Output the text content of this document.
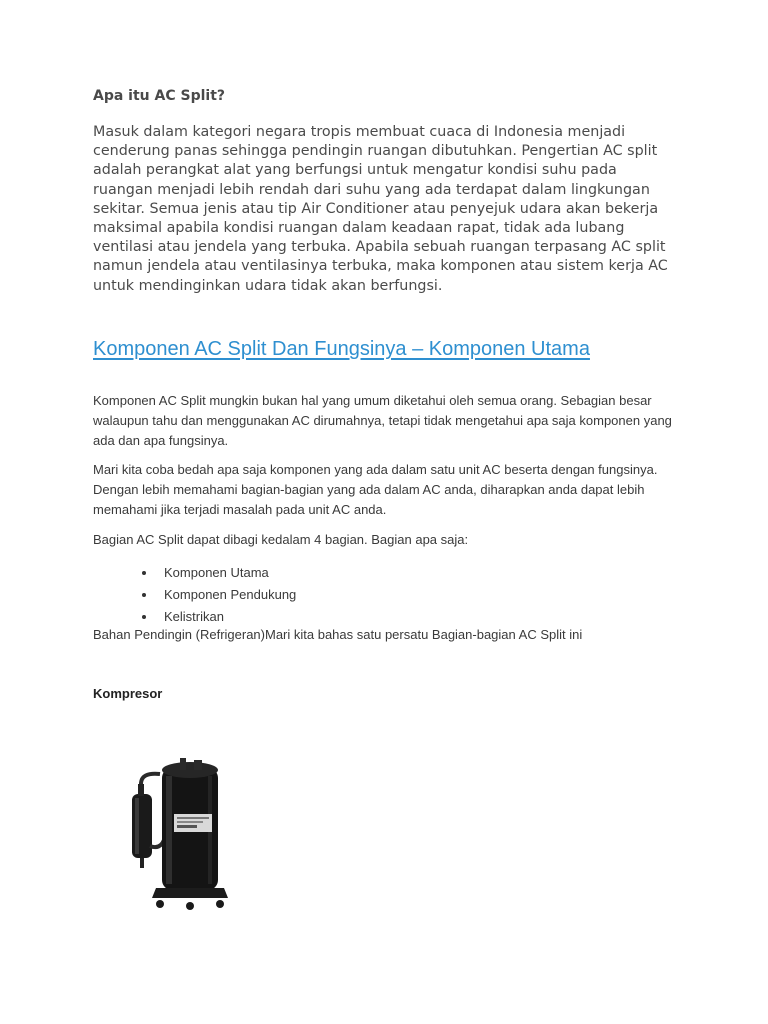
Apa itu AC Split?

Masuk dalam kategori negara tropis membuat cuaca di Indonesia menjadi cenderung panas sehingga pendingin ruangan dibutuhkan. Pengertian AC split adalah perangkat alat yang berfungsi untuk mengatur kondisi suhu pada ruangan menjadi lebih rendah dari suhu yang ada terdapat dalam lingkungan sekitar. Semua jenis atau tip Air Conditioner atau penyejuk udara akan bekerja maksimal apabila kondisi ruangan dalam keadaan rapat, tidak ada lubang ventilasi atau jendela yang terbuka. Apabila sebuah ruangan terpasang AC split namun jendela atau ventilasinya terbuka, maka komponen atau sistem kerja AC untuk mendinginkan udara tidak akan berfungsi.

Komponen AC Split Dan Fungsinya – Komponen Utama

Komponen AC Split mungkin bukan hal yang umum diketahui oleh semua orang. Sebagian besar walaupun tahu dan menggunakan AC dirumahnya, tetapi tidak mengetahui apa saja komponen yang ada dan apa fungsinya.

Mari kita coba bedah apa saja komponen yang ada dalam satu unit AC beserta dengan fungsinya. Dengan lebih memahami bagian-bagian yang ada dalam AC anda, diharapkan anda dapat lebih memahami jika terjadi masalah pada unit AC anda.

Bagian AC Split dapat dibagi kedalam 4 bagian. Bagian apa saja:

Komponen Utama
Komponen Pendukung
Kelistrikan

Bahan Pendingin (Refrigeran)Mari kita bahas satu persatu Bagian-bagian AC Split ini

Kompresor
